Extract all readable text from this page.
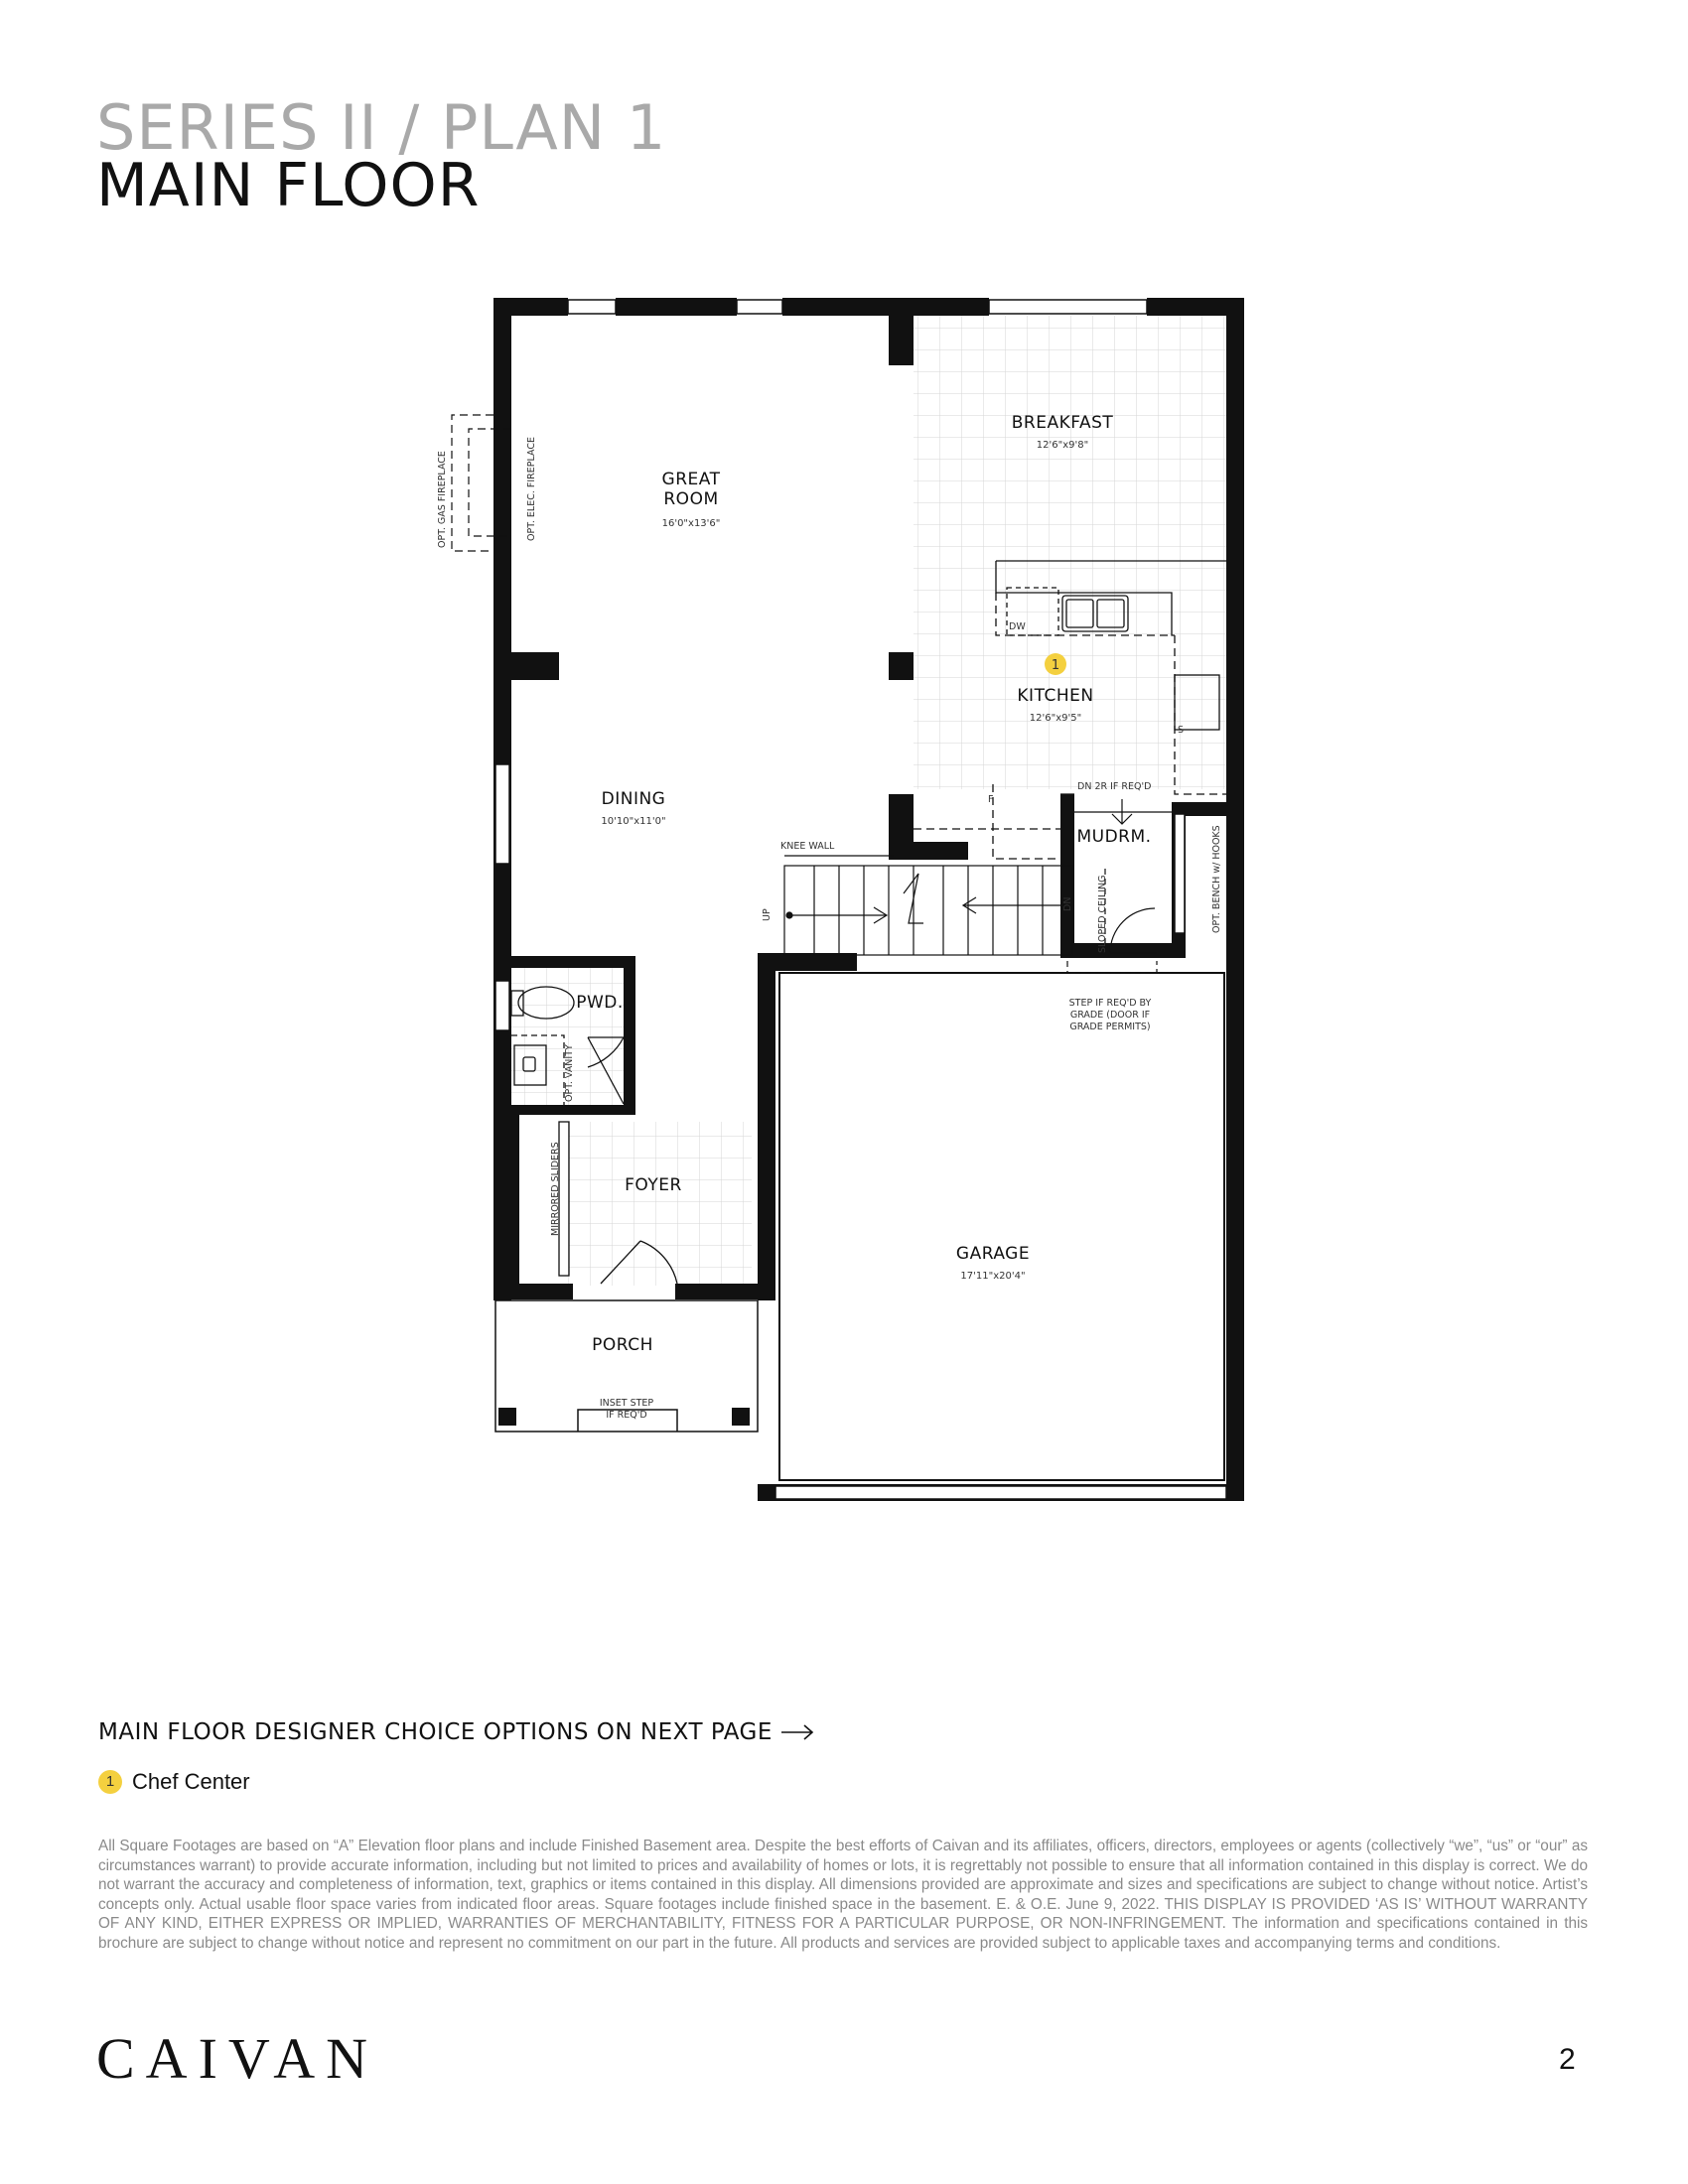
SERIES II / PLAN 1
MAIN FLOOR
BREAKFAST
12'6"x9'8"
GREAT
ROOM
16'0"x13'6"
1
KITCHEN
12'6"x9'5"
DINING
10'10"x11'0"
MUDRM.
PWD.
FOYER
GARAGE
17'11"x20'4"
PORCH
OPT. GAS FIREPLACE	OPT. ELEC. FIREPLACE
DW
F
S
DN 2R IF REQ'D
KNEE WALL
UP
DN	SLOPED CEILING	OPT. BENCH w/ HOOKS
STEP IF REQ'D BY
GRADE (DOOR IF
GRADE PERMITS)
OPT. VANITY
MIRRORED SLIDERS
INSET STEP
IF REQ'D
MAIN FLOOR DESIGNER CHOICE OPTIONS ON NEXT PAGE
1 Chef Center
All Square Footages are based on “A” Elevation floor plans and include Finished Basement area. Despite the best efforts of Caivan and its affiliates, officers, directors, employees or agents (collectively “we”, “us” or “our” as circumstances warrant) to provide accurate information, including but not limited to prices and availability of homes or lots, it is regrettably not possible to ensure that all information contained in this display is correct. We do not warrant the accuracy and completeness of information, text, graphics or items contained in this display. All dimensions provided are approximate and sizes and specifications are subject to change without notice. Artist’s concepts only. Actual usable floor space varies from indicated floor areas. Square footages include finished space in the basement. E. & O.E. June 9, 2022. THIS DISPLAY IS PROVIDED ‘AS IS’ WITHOUT WARRANTY OF ANY KIND, EITHER EXPRESS OR IMPLIED, WARRANTIES OF MERCHANTABILITY, FITNESS FOR A PARTICULAR PURPOSE, OR NON-INFRINGEMENT. The information and specifications contained in this brochure are subject to change without notice and represent no commitment on our part in the future. All products and services are provided subject to applicable taxes and accompanying terms and conditions.
CAIVAN	2
